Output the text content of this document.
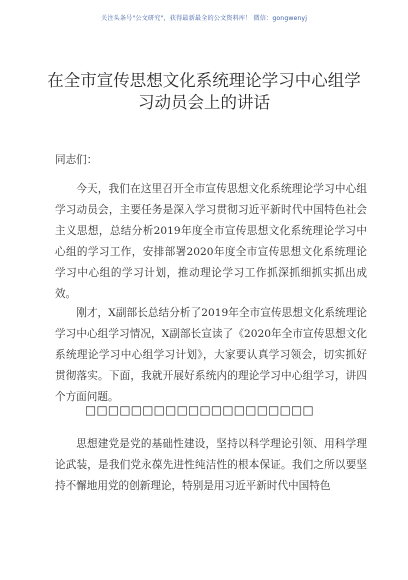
关注头条号"公文研究"，获得最新最全的公文资料库！ 微信：gongwenyj
在全市宣传思想文化系统理论学习中心组学习动员会上的讲话

同志们：

今天，我们在这里召开全市宣传思想文化系统理论学习中心组学习动员会，主要任务是深入学习贯彻习近平新时代中国特色社会主义思想，总结分析2019年度全市宣传思想文化系统理论学习中心组的学习工作，安排部署2020年度全市宣传思想文化系统理论学习中心组的学习计划，推动理论学习工作抓深抓细抓实抓出成效。

刚才，X副部长总结分析了2019年全市宣传思想文化系统理论学习中心组学习情况，X副部长宣读了《2020年全市宣传思想文化系统理论学习中心组学习计划》，大家要认真学习领会，切实抓好贯彻落实。下面，我就开展好系统内的理论学习中心组学习，讲四个方面问题。

□□□□□□□□□□□□□□□□□□□□

思想建党是党的基础性建设，坚持以科学理论引领、用科学理论武装，是我们党永葆先进性纯洁性的根本保证。我们之所以要坚持不懈地用党的创新理论，特别是用习近平新时代中国特色
